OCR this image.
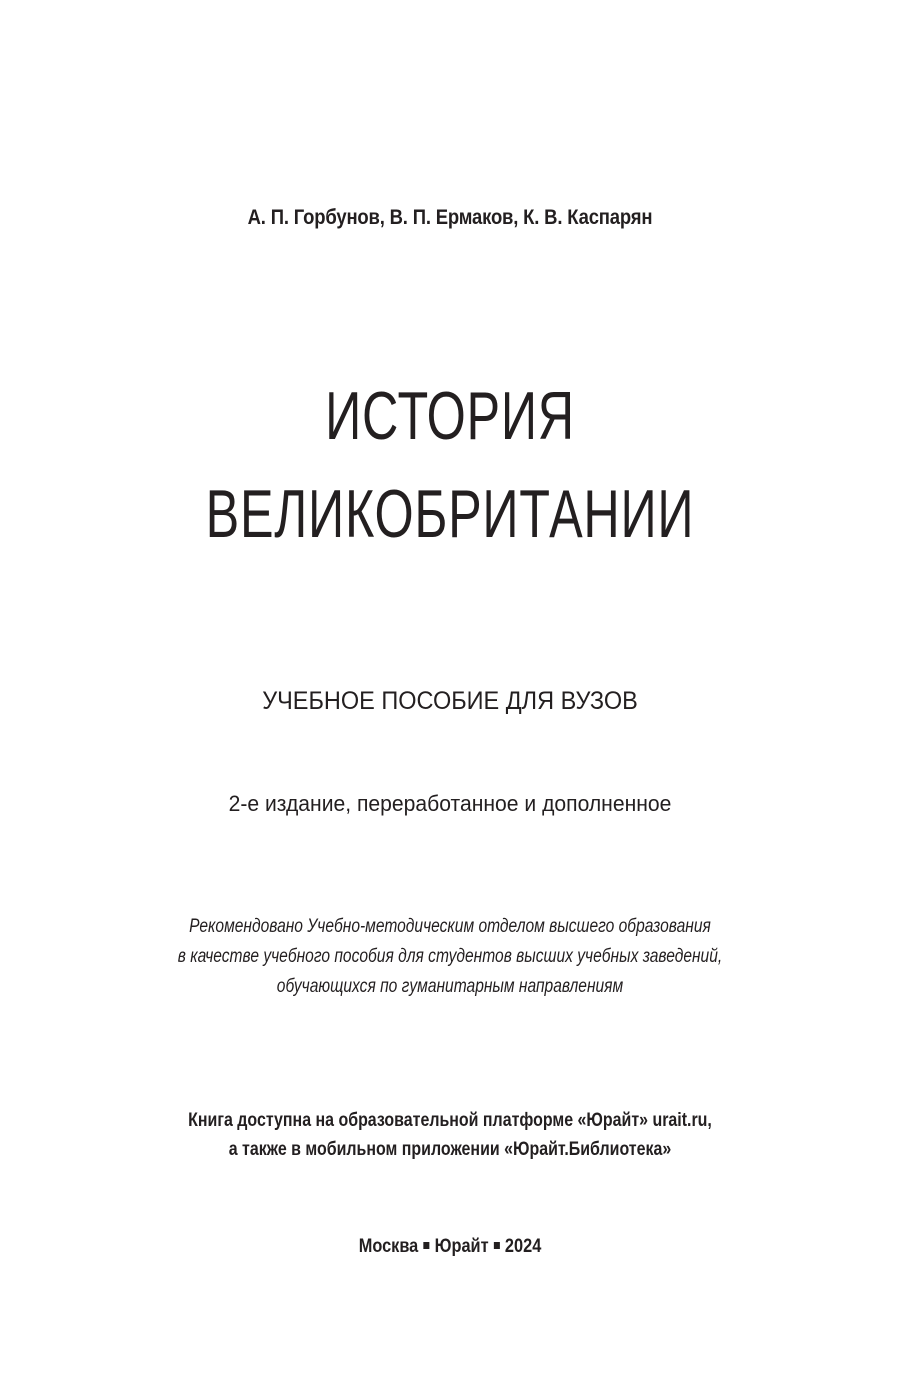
А. П. Горбунов, В. П. Ермаков, К. В. Каспарян
ИСТОРИЯ
ВЕЛИКОБРИТАНИИ
УЧЕБНОЕ ПОСОБИЕ ДЛЯ ВУЗОВ
2-е издание, переработанное и дополненное
Рекомендовано Учебно-методическим отделом высшего образования
в качестве учебного пособия для студентов высших учебных заведений,
обучающихся по гуманитарным направлениям
Книга доступна на образовательной платформе «Юрайт» urait.ru,
а также в мобильном приложении «Юрайт.Библиотека»
Москва Юрайт 2024
